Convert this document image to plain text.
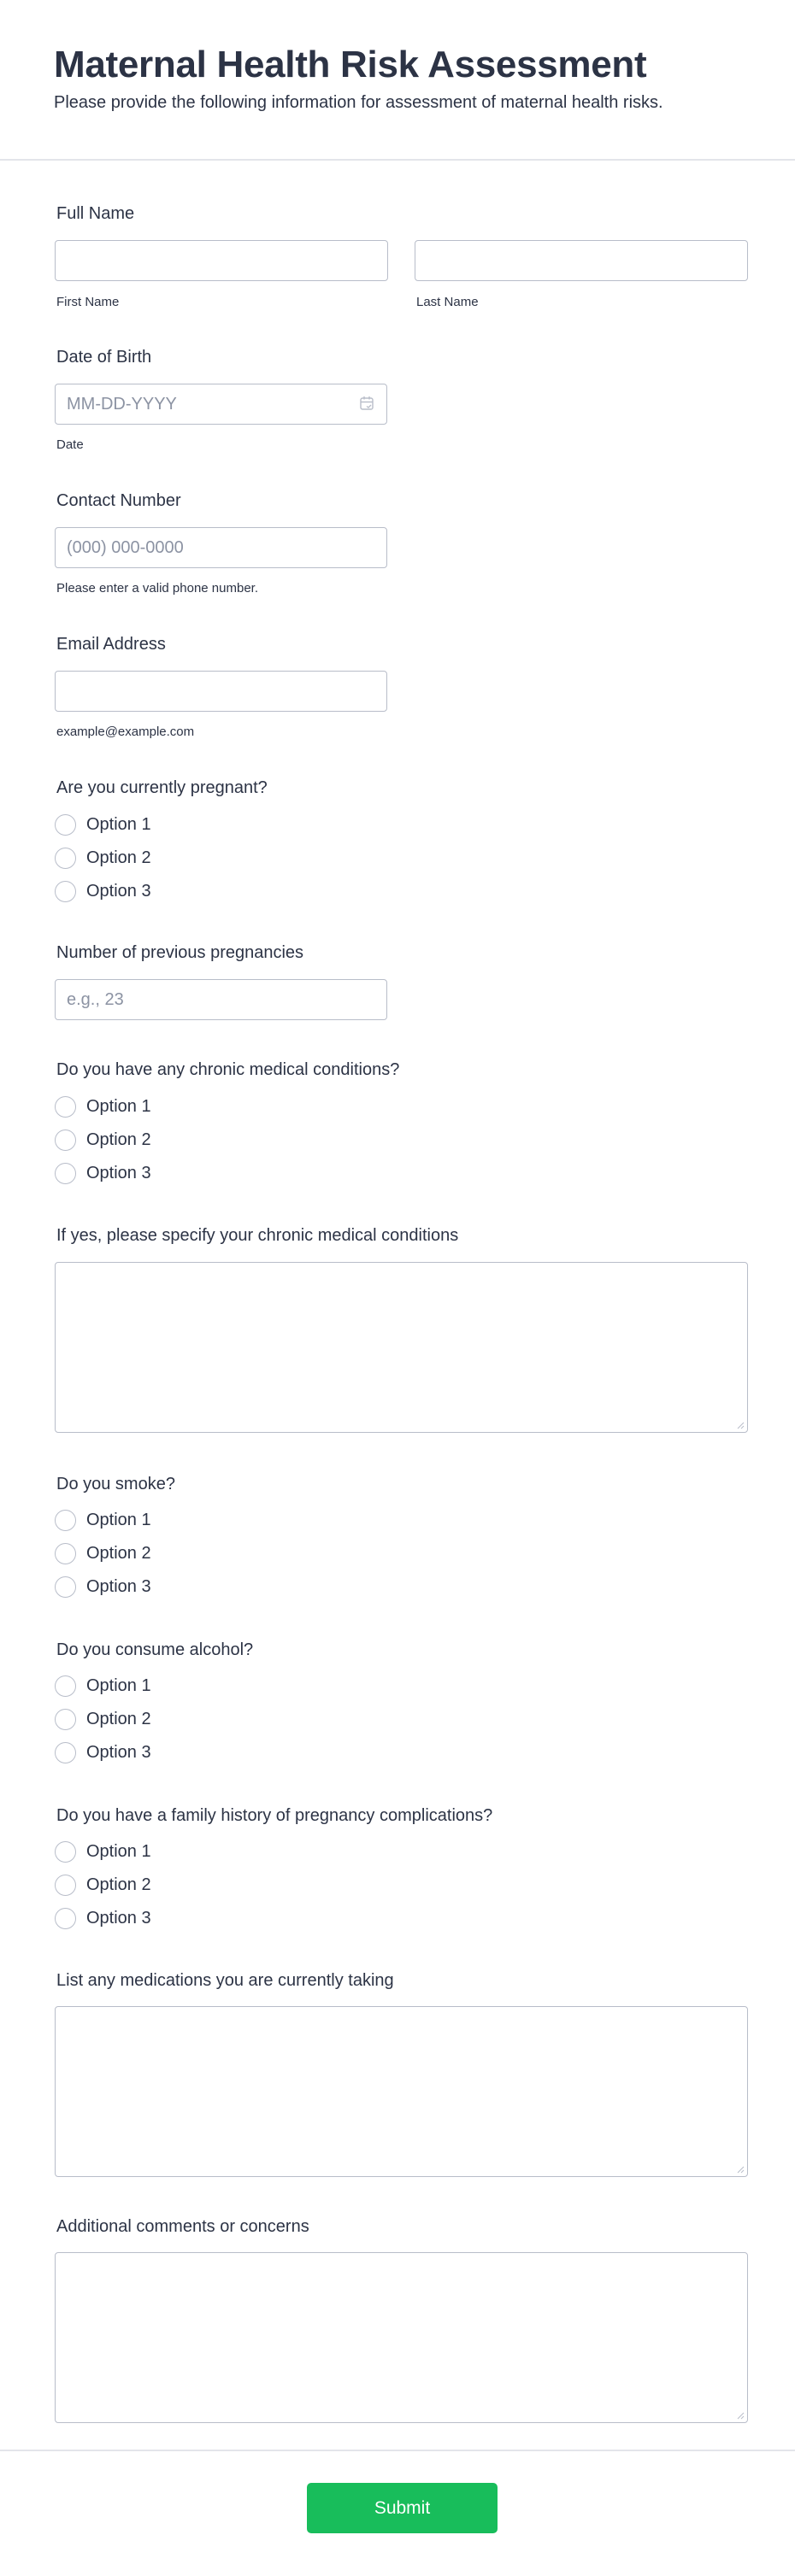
Maternal Health Risk Assessment

Please provide the following information for assessment of maternal health risks.

Full Name
First Name	Last Name
Date of Birth
MM-DD-YYYY
Date
Contact Number
(000) 000-0000
Please enter a valid phone number.
Email Address
example@example.com
Are you currently pregnant?
Option 1
Option 2
Option 3
Number of previous pregnancies
e.g., 23
Do you have any chronic medical conditions?
Option 1
Option 2
Option 3
If yes, please specify your chronic medical conditions
Do you smoke?
Option 1
Option 2
Option 3
Do you consume alcohol?
Option 1
Option 2
Option 3
Do you have a family history of pregnancy complications?
Option 1
Option 2
Option 3
List any medications you are currently taking
Additional comments or concerns
Submit
